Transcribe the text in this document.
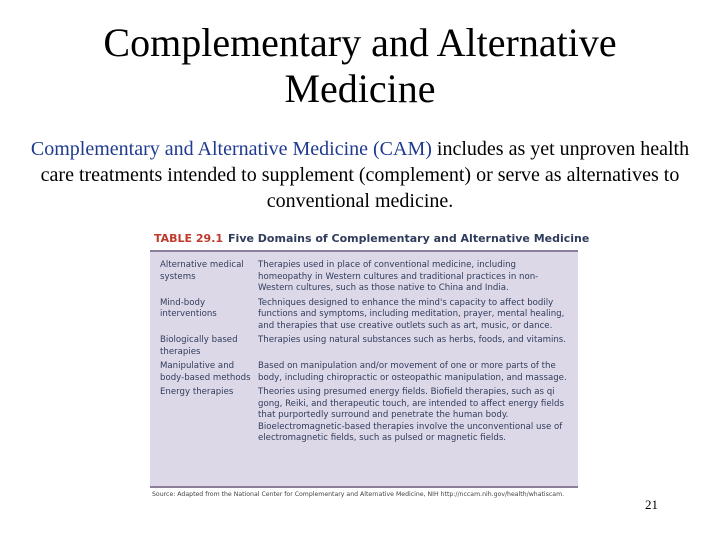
Complementary and Alternative Medicine
Complementary and Alternative Medicine (CAM) includes as yet unproven health care treatments intended to supplement (complement) or serve as alternatives to conventional medicine.
TABLE 29.1 Five Domains of Complementary and Alternative Medicine
Alternative medical systems
Therapies used in place of conventional medicine, including homeopathy in Western cultures and traditional practices in non-Western cultures, such as those native to China and India.
Mind-body interventions
Techniques designed to enhance the mind's capacity to affect bodily functions and symptoms, including meditation, prayer, mental healing, and therapies that use creative outlets such as art, music, or dance.
Biologically based therapies
Therapies using natural substances such as herbs, foods, and vitamins.
Manipulative and body-based methods
Based on manipulation and/or movement of one or more parts of the body, including chiropractic or osteopathic manipulation, and massage.
Energy therapies	Theories using presumed energy fields. Biofield therapies, such as qi gong, Reiki, and therapeutic touch, are intended to affect energy fields that purportedly surround and penetrate the human body. Bioelectromagnetic-based therapies involve the unconventional use of electromagnetic fields, such as pulsed or magnetic fields.
Source: Adapted from the National Center for Complementary and Alternative Medicine, NIH http://nccam.nih.gov/health/whatiscam.
21
